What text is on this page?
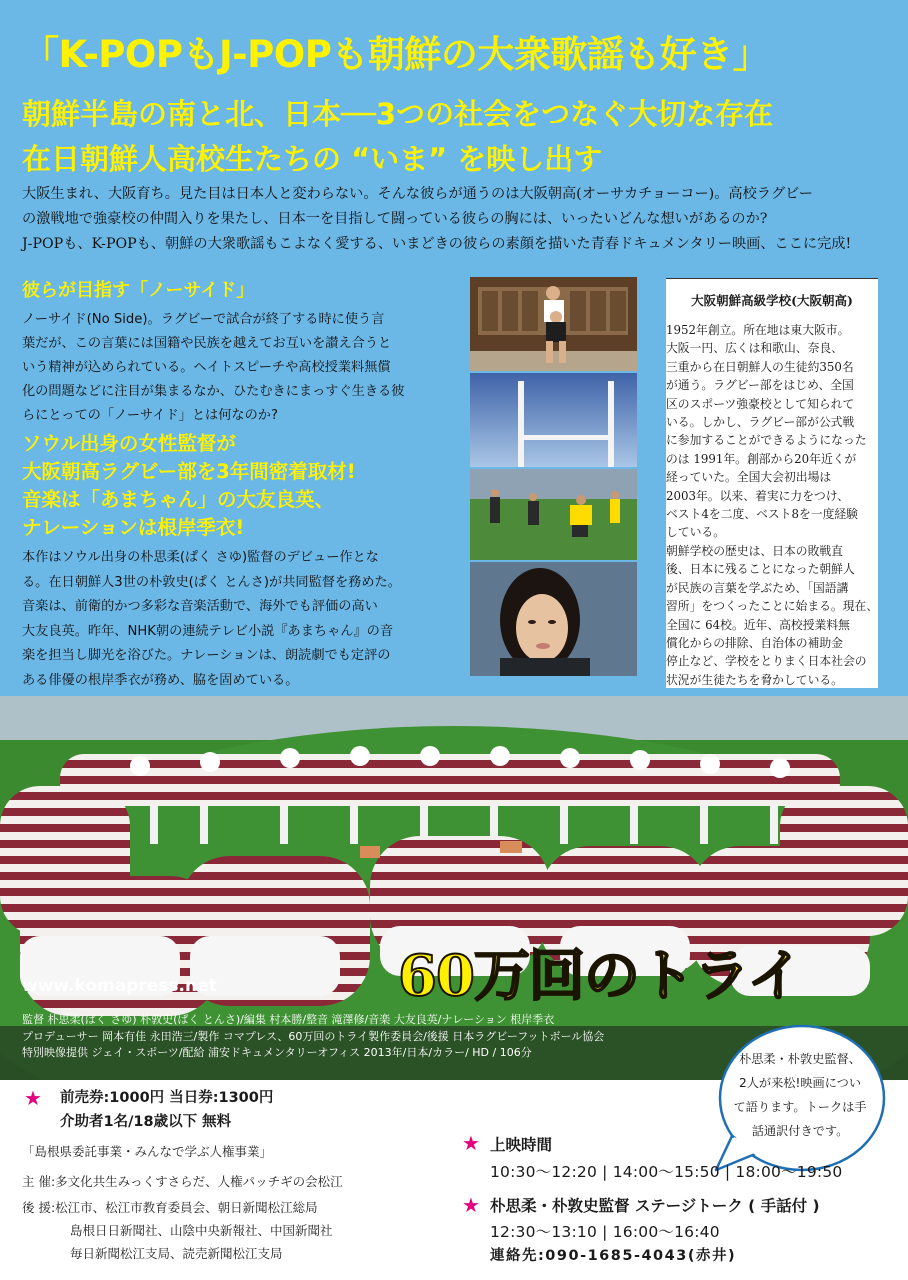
「K-POPもJ-POPも朝鮮の大衆歌謡も好き」
朝鮮半島の南と北、日本──3つの社会をつなぐ大切な存在
在日朝鮮人高校生たちの “いま” を映し出す

大阪生まれ、大阪育ち。見た目は日本人と変わらない。そんな彼らが通うのは大阪朝高(オーサカチョーコー)。高校ラグビー

の激戦地で強豪校の仲間入りを果たし、日本一を目指して闘っている彼らの胸には、いったいどんな想いがあるのか?

J-POPも、K-POPも、朝鮮の大衆歌謡もこよなく愛する、いまどきの彼らの素顔を描いた青春ドキュメンタリー映画、ここに完成!

彼らが目指す「ノーサイド」

ノーサイド(No Side)。ラグビーで試合が終了する時に使う言

葉だが、この言葉には国籍や民族を越えてお互いを讃え合うと

いう精神が込められている。ヘイトスピーチや高校授業料無償

化の問題などに注目が集まるなか、ひたむきにまっすぐ生きる彼

らにとっての「ノーサイド」とは何なのか?

ソウル出身の女性監督が

大阪朝高ラグビー部を3年間密着取材!

音楽は「あまちゃん」の大友良英、

ナレーションは根岸季衣!

本作はソウル出身の朴思柔(ぱく さゆ)監督のデビュー作とな

る。在日朝鮮人3世の朴敦史(ぱく とんさ)が共同監督を務めた。

音楽は、前衛的かつ多彩な音楽活動で、海外でも評価の高い

大友良英。昨年、NHK朝の連続テレビ小説『あまちゃん』の音

楽を担当し脚光を浴びた。ナレーションは、朗読劇でも定評の

ある俳優の根岸季衣が務め、脇を固めている。

大阪朝鮮高級学校(大阪朝高)

1952年創立。所在地は東大阪市。

大阪一円、広くは和歌山、奈良、

三重から在日朝鮮人の生徒約350名

が通う。ラグビー部をはじめ、全国

区のスポーツ強豪校として知られて

いる。しかし、ラグビー部が公式戦

に参加することができるようになった

のは 1991年。創部から20年近くが

経っていた。全国大会初出場は

2003年。以来、着実に力をつけ、

ベスト4を二度、ベスト8を一度経験

している。

朝鮮学校の歴史は、日本の敗戦直

後、日本に残ることになった朝鮮人

が民族の言葉を学ぶため、「国語講

習所」をつくったことに始まる。現在、

全国に 64校。近年、高校授業料無

償化からの排除、自治体の補助金

停止など、学校をとりまく日本社会の

状況が生徒たちを脅かしている。

www.komapress.net	60万回のトライ

監督 朴思柔(ぱく さゆ) 朴敦史(ぱく とんさ)/編集 村本勝/整音 滝澤修/音楽 大友良英/ナレーション 根岸季衣

プロデューサー 岡本有佳 永田浩三/製作 コマプレス、60万回のトライ製作委員会/後援 日本ラグビーフットボール協会

特別映像提供 ジェイ・スポーツ/配給 浦安ドキュメンタリーオフィス 2013年/日本/カラー/ HD / 106分	朴思柔・朴敦史監督、

2人が来松!映画につい

て語ります。トークは手

話通訳付きです。

★ 前売券:1000円 当日券:1300円

介助者1名/18歳以下 無料

「島根県委託事業・みんなで学ぶ人権事業」
主 催:多文化共生みっくすさらだ、人権パッチギの会松江
後 援:松江市、松江市教育委員会、朝日新聞松江総局
島根日日新聞社、山陰中央新報社、中国新聞社
毎日新聞松江支局、読売新聞松江支局
★ 上映時間
10:30〜12:20 | 14:00〜15:50 | 18:00〜19:50
★ 朴思柔・朴敦史監督 ステージトーク ( 手話付 )
12:30〜13:10 | 16:00〜16:40
連絡先:090-1685-4043(赤井)
